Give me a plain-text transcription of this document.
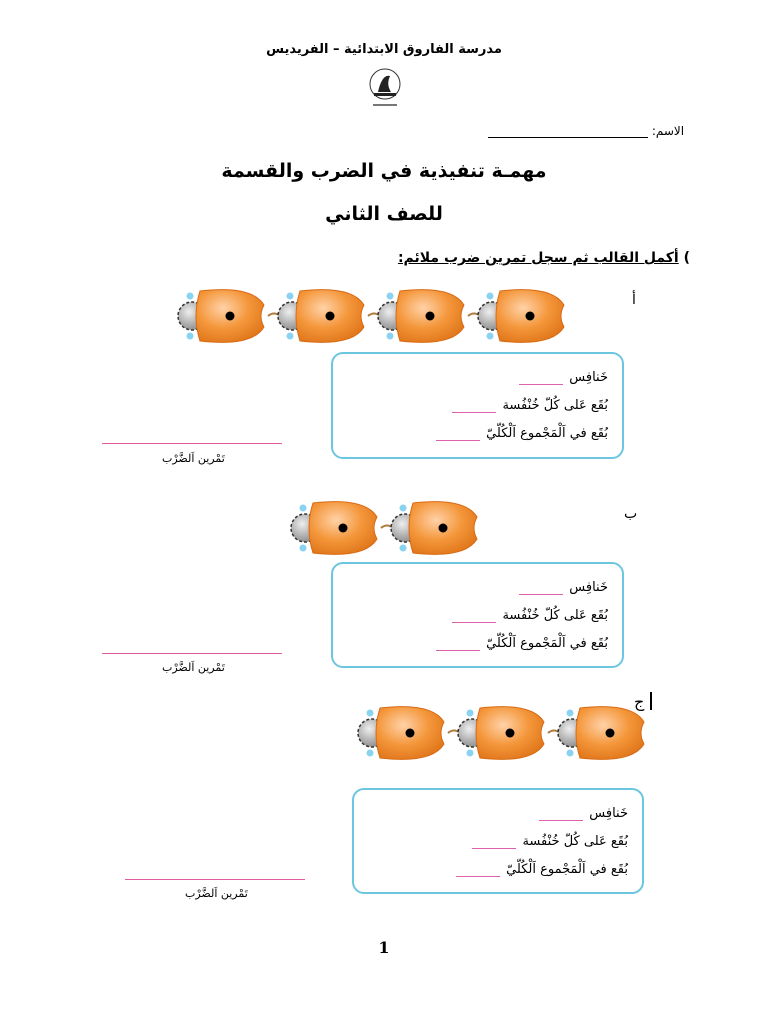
مدرسة الفاروق الابتدائية – الفريديس
الاسم:
مهمـة تنفيذية في الضرب والقسمة
للصف الثاني
) أكمل القالب ثم سجل تمرين ضرب ملائم:
أ
خَنافِس
بُقَع عَلى كُلّ خُنْفُسة
بُقَع في اَلْمَجْموع اَلْكُلّيّ
تَمْرين اَلضَّرْب
ب
خَنافِس
بُقَع عَلى كُلّ خُنْفُسة
بُقَع في اَلْمَجْموع اَلْكُلّيّ
تَمْرين اَلضَّرْب
ج
خَنافِس
بُقَع عَلى كُلّ خُنْفُسة
بُقَع في اَلْمَجْموع اَلْكُلّيّ
تَمْرين اَلضَّرْب
1
